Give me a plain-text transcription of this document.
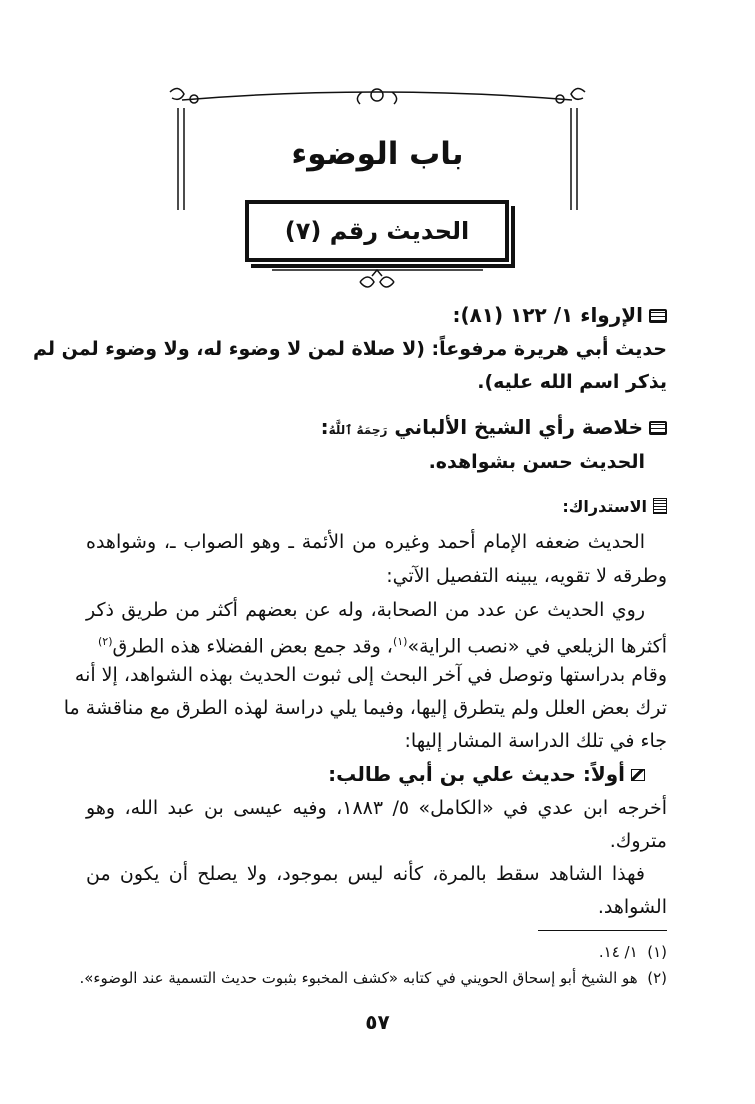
باب الوضوء
الحديث رقم (٧)
الإرواء ١/ ١٢٢ (٨١):
حديث أبي هريرة مرفوعاً: (لا صلاة لمن لا وضوء له، ولا وضوء لمن لم
يذكر اسم الله عليه).
خلاصة رأي الشيخ الألباني رَحِمَهُ ٱللَّهُ:
الحديث حسن بشواهده.
الاستدراك:
الحديث ضعفه الإمام أحمد وغيره من الأئمة ـ وهو الصواب ـ، وشواهده
وطرقه لا تقويه، يبينه التفصيل الآتي:
روي الحديث عن عدد من الصحابة، وله عن بعضهم أكثر من طريق ذكر
أكثرها الزيلعي في «نصب الراية»$^{(١)}$، وقد جمع بعض الفضلاء هذه الطرق$^{(٢)}$
وقام بدراستها وتوصل في آخر البحث إلى ثبوت الحديث بهذه الشواهد، إلا أنه
ترك بعض العلل ولم يتطرق إليها، وفيما يلي دراسة لهذه الطرق مع مناقشة ما
جاء في تلك الدراسة المشار إليها:
أولاً: حديث علي بن أبي طالب:
أخرجه ابن عدي في «الكامل» ٥/ ١٨٨٣، وفيه عيسى بن عبد الله، وهو
متروك.
فهذا الشاهد سقط بالمرة، كأنه ليس بموجود، ولا يصلح أن يكون من
الشواهد.
(١)  ١/ ١٤.
(٢)  هو الشيخ أبو إسحاق الحويني في كتابه «كشف المخبوء بثبوت حديث التسمية عند الوضوء».
٥٧
